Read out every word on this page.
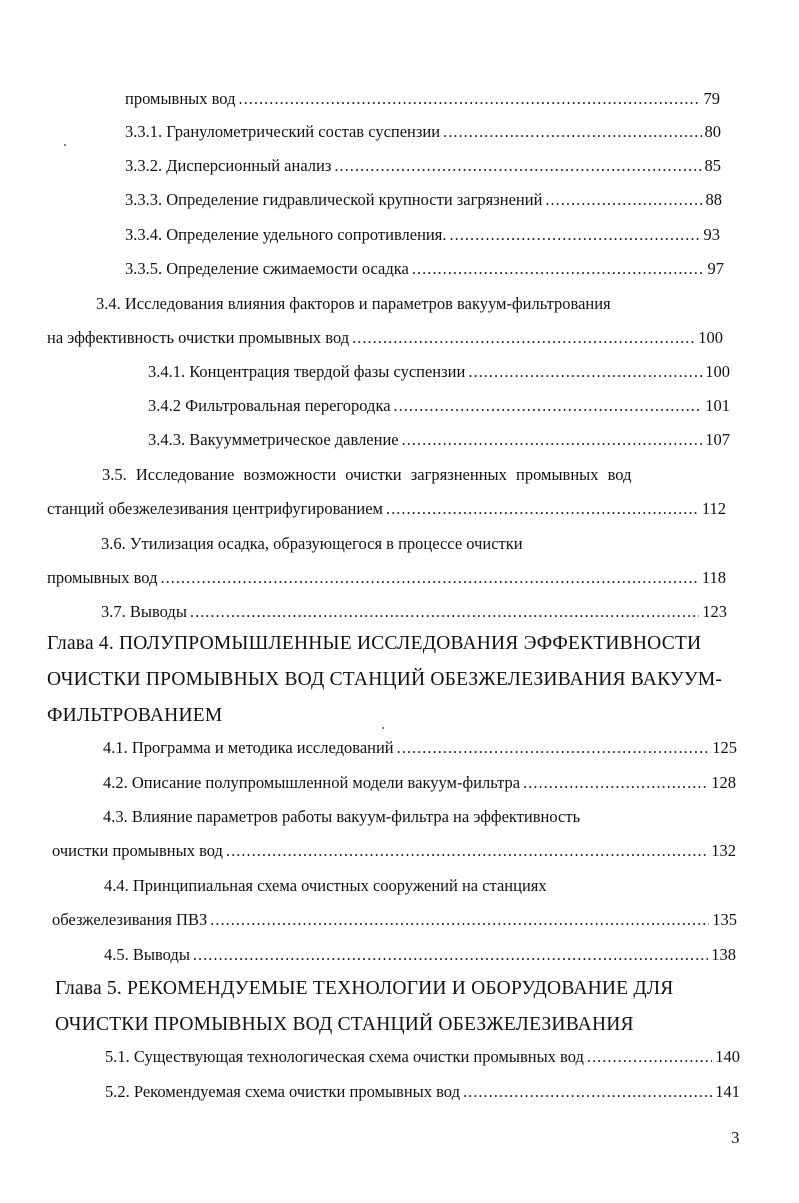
промывных вод .....	79
3.3.1. Гранулометрический состав суспензии .....	80
3.3.2. Дисперсионный анализ .....	85
3.3.3. Определение гидравлической крупности загрязнений .....	88
3.3.4. Определение удельного сопротивления. .....	93
3.3.5. Определение сжимаемости осадка .....	97
3.4. Исследования влияния факторов и параметров вакуум-фильтрования
на эффективность очистки промывных вод .....	100
3.4.1. Концентрация твердой фазы суспензии .....	100
3.4.2 Фильтровальная перегородка .....	101
3.4.3. Вакуумметрическое давление .....	107
3.5. Исследование возможности очистки загрязненных промывных вод
станций обезжелезивания центрифугированием .....	112
3.6. Утилизация осадка, образующегося в процессе очистки
промывных вод .....	118
3.7. Выводы .....	123
Глава 4. ПОЛУПРОМЫШЛЕННЫЕ ИССЛЕДОВАНИЯ ЭФФЕКТИВНОСТИ
ОЧИСТКИ ПРОМЫВНЫХ ВОД СТАНЦИЙ ОБЕЗЖЕЛЕЗИВАНИЯ ВАКУУМ-
ФИЛЬТРОВАНИЕМ
4.1. Программа и методика исследований .....	125
4.2. Описание полупромышленной модели вакуум-фильтра .....	128
4.3. Влияние параметров работы вакуум-фильтра на эффективность
очистки промывных вод .....	132
4.4. Принципиальная схема очистных сооружений на станциях
обезжелезивания ПВЗ .....	135
4.5. Выводы .....	138
Глава 5. РЕКОМЕНДУЕМЫЕ ТЕХНОЛОГИИ И ОБОРУДОВАНИЕ ДЛЯ
ОЧИСТКИ ПРОМЫВНЫХ ВОД СТАНЦИЙ ОБЕЗЖЕЛЕЗИВАНИЯ
5.1. Существующая технологическая схема очистки промывных вод .....	140
5.2. Рекомендуемая схема очистки промывных вод .....	141
3
